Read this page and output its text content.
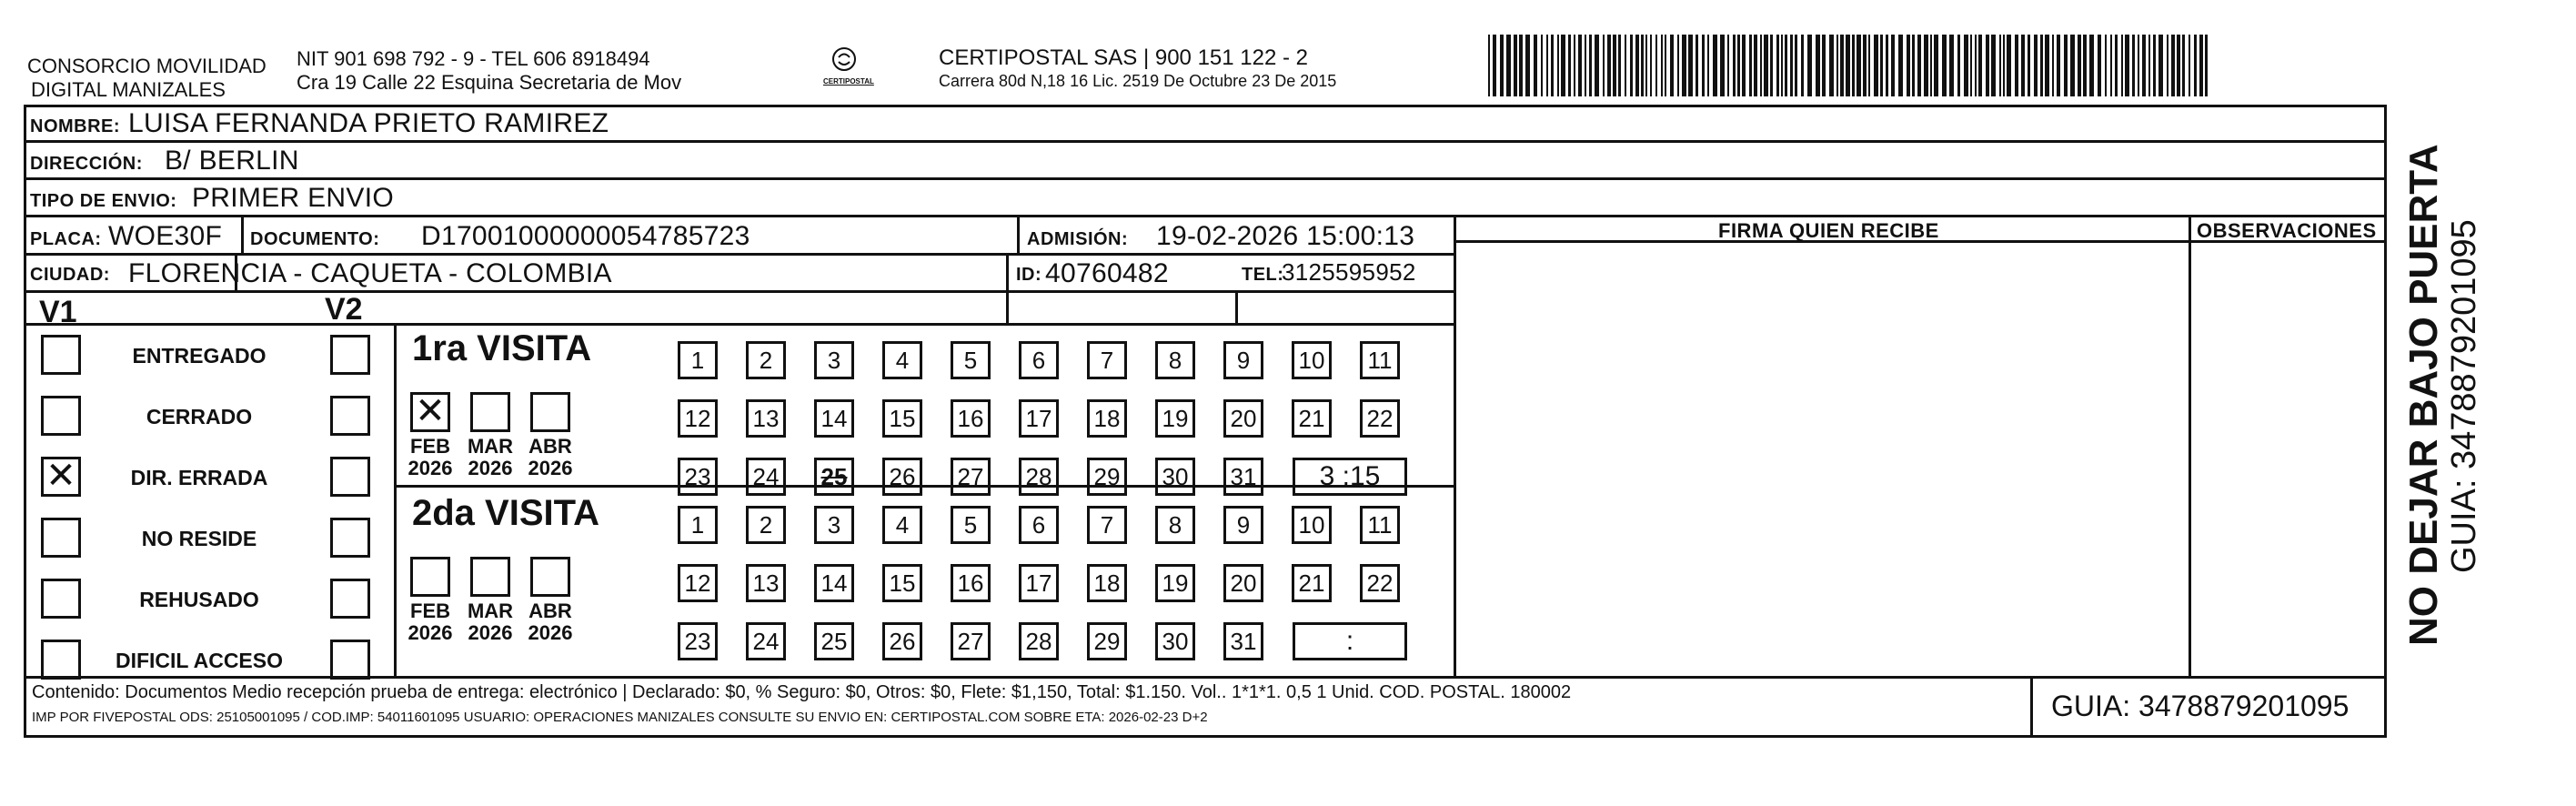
CONSORCIO MOVILIDAD
DIGITAL MANIZALES
NIT 901 698 792 - 9 - TEL 606 8918494
Cra 19 Calle 22 Esquina Secretaria de Mov	CERTIPOSTAL
CERTIPOSTAL SAS | 900 151 122 - 2
Carrera 80d N,18 16 Lic. 2519 De Octubre 23 De 2015
NOMBRE: LUISA FERNANDA PRIETO RAMIREZ
DIRECCIÓN: B/ BERLIN
TIPO DE ENVIO: PRIMER ENVIO
FIRMA QUIEN RECIBE	OBSERVACIONES
PLACA: WOE30F DOCUMENTO: D17001000000054785723	ADMISIÓN: 19-02-2026 15:00:13
CIUDAD: FLORENCIA - CAQUETA - COLOMBIA	ID: 40760482	TEL:
3125595952
V1	V2
ENTREGADO
CERRADO
✕	DIR. ERRADA
NO RESIDE
REHUSADO
DIFICIL ACCESO
1ra VISITA
✕
FEB
2026
MAR
2026
ABR
2026
1	2	3	4	5	6	7	8	9	10	11
12 13 14 15 16 17 18 19 20 21 22
23 24 25 26 27 28 29 30 31	3 :15
2da VISITA
FEB
2026
MAR
2026
ABR
2026
1	2	3	4	5	6	7	8	9	10	11
12 13 14 15 16 17 18 19 20 21 22
23 24 25 26 27 28 29 30 31	:
Contenido: Documentos Medio recepción prueba de entrega: electrónico | Declarado: $0, % Seguro: $0, Otros: $0, Flete: $1,150, Total: $1.150. Vol.. 1*1*1. 0,5 1 Unid. COD. POSTAL. 180002
IMP POR FIVEPOSTAL ODS: 25105001095 / COD.IMP: 54011601095 USUARIO: OPERACIONES MANIZALES CONSULTE SU ENVIO EN: CERTIPOSTAL.COM SOBRE ETA: 2026-02-23 D+2	GUIA: 3478879201095
NO DEJAR BAJO PUERTA GUIA: 3478879201095
